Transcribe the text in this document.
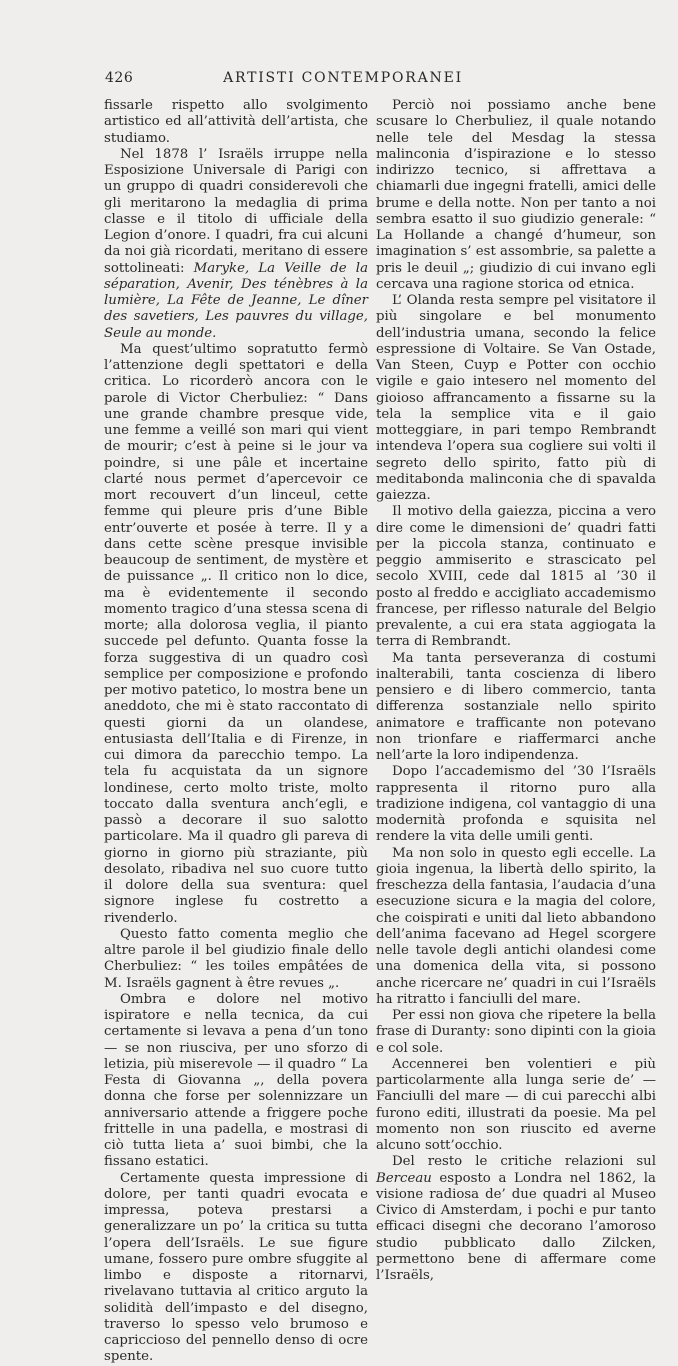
426	ARTISTI CONTEMPORANEI

fissarle rispetto allo svolgimento artistico ed all’attività dell’artista, che studiamo.

Nel 1878 l’ Israëls irruppe nella Esposizione Universale di Parigi con un gruppo di quadri considerevoli che gli meritarono la medaglia di prima classe e il titolo di ufficiale della Legion d’onore. I quadri, fra cui alcuni da noi già ricordati, meritano di essere sottolineati: Maryke, La Veille de la séparation, Avenir, Des ténèbres à la lumière, La Fête de Jeanne, Le dîner des savetiers, Les pauvres du village, Seule au monde.

Ma quest’ultimo sopratutto fermò l’attenzione degli spettatori e della critica. Lo ricorderò ancora con le parole di Victor Cherbuliez: “ Dans une grande chambre presque vide, une femme a veillé son mari qui vient de mourir; c’est à peine si le jour va poindre, si une pâle et incertaine clarté nous permet d’apercevoir ce mort recouvert d’un linceul, cette femme qui pleure pris d’une Bible entr’ouverte et posée à terre. Il y a dans cette scène presque invisible beaucoup de sentiment, de mystère et de puissance „. Il critico non lo dice, ma è evidentemente il secondo momento tragico d’una stessa scena di morte; alla dolorosa veglia, il pianto succede pel defunto. Quanta fosse la forza suggestiva di un quadro così semplice per composizione e profondo per motivo patetico, lo mostra bene un aneddoto, che mi è stato raccontato di questi giorni da un olandese, entusiasta dell’Italia e di Firenze, in cui dimora da parecchio tempo. La tela fu acquistata da un signore londinese, certo molto triste, molto toccato dalla sventura anch’egli, e passò a decorare il suo salotto particolare. Ma il quadro gli pareva di giorno in giorno più straziante, più desolato, ribadiva nel suo cuore tutto il dolore della sua sventura: quel signore inglese fu costretto a rivenderlo.

Questo fatto comenta meglio che altre parole il bel giudizio finale dello Cherbuliez: “ les toiles empâtées de M. Israëls gagnent à être revues „.

Ombra e dolore nel motivo ispiratore e nella tecnica, da cui certamente si levava a pena d’un tono — se non riusciva, per uno sforzo di letizia, più miserevole — il quadro “ La Festa di Giovanna „, della povera donna che forse per solennizzare un anniversario attende a friggere poche frittelle in una padella, e mostrasi di ciò tutta lieta a’ suoi bimbi, che la fissano estatici.

Certamente questa impressione di dolore, per tanti quadri evocata e impressa, poteva prestarsi a generalizzare un po’ la critica su tutta l’opera dell’Israëls. Le sue figure umane, fossero pure ombre sfuggite al limbo e disposte a ritornarvi, rivelavano tuttavia al critico arguto la solidità dell’impasto e del disegno, traverso lo spesso velo brumoso e capriccioso del pennello denso di ocre spente.

Perciò noi possiamo anche bene scusare lo Cherbuliez, il quale notando nelle tele del Mesdag la stessa malinconia d’ispirazione e lo stesso indirizzo tecnico, si affrettava a chiamarli due ingegni fratelli, amici delle brume e della notte. Non per tanto a noi sembra esatto il suo giudizio generale: “ La Hollande a changé d’humeur, son imagination s’ est assombrie, sa palette a pris le deuil „; giudizio di cui invano egli cercava una ragione storica od etnica.

L’ Olanda resta sempre pel visitatore il più singolare e bel monumento dell’industria umana, secondo la felice espressione di Voltaire. Se Van Ostade, Van Steen, Cuyp e Potter con occhio vigile e gaio intesero nel momento del gioioso affrancamento a fissarne su la tela la semplice vita e il gaio motteggiare, in pari tempo Rembrandt intendeva l’opera sua cogliere sui volti il segreto dello spirito, fatto più di meditabonda malinconia che di spavalda gaiezza.

Il motivo della gaiezza, piccina a vero dire come le dimensioni de’ quadri fatti per la piccola stanza, continuato e peggio ammiserito e strascicato pel secolo XVIII, cede dal 1815 al ’30 il posto al freddo e accigliato accademismo francese, per riflesso naturale del Belgio prevalente, a cui era stata aggiogata la terra di Rembrandt.

Ma tanta perseveranza di costumi inalterabili, tanta coscienza di libero pensiero e di libero commercio, tanta differenza sostanziale nello spirito animatore e trafficante non potevano non trionfare e riaffermarci anche nell’arte la loro indipendenza.

Dopo l’accademismo del ’30 l’Israëls rappresenta il ritorno puro alla tradizione indigena, col vantaggio di una modernità profonda e squisita nel rendere la vita delle umili genti.

Ma non solo in questo egli eccelle. La gioia ingenua, la libertà dello spirito, la freschezza della fantasia, l’audacia d’una esecuzione sicura e la magia del colore, che coispirati e uniti dal lieto abbandono dell’anima facevano ad Hegel scorgere nelle tavole degli antichi olandesi come una domenica della vita, si possono anche ricercare ne’ quadri in cui l’Israëls ha ritratto i fanciulli del mare.

Per essi non giova che ripetere la bella frase di Duranty: sono dipinti con la gioia e col sole.

Accennerei ben volentieri e più particolarmente alla lunga serie de’ — Fanciulli del mare — di cui parecchi albi furono editi, illustrati da poesie. Ma pel momento non son riuscito ed averne alcuno sott’occhio.

Del resto le critiche relazioni sul Berceau esposto a Londra nel 1862, la visione radiosa de’ due quadri al Museo Civico di Amsterdam, i pochi e pur tanto efficaci disegni che decorano l’amoroso studio pubblicato dallo Zilcken, permettono bene di affermare come l’Israëls,
